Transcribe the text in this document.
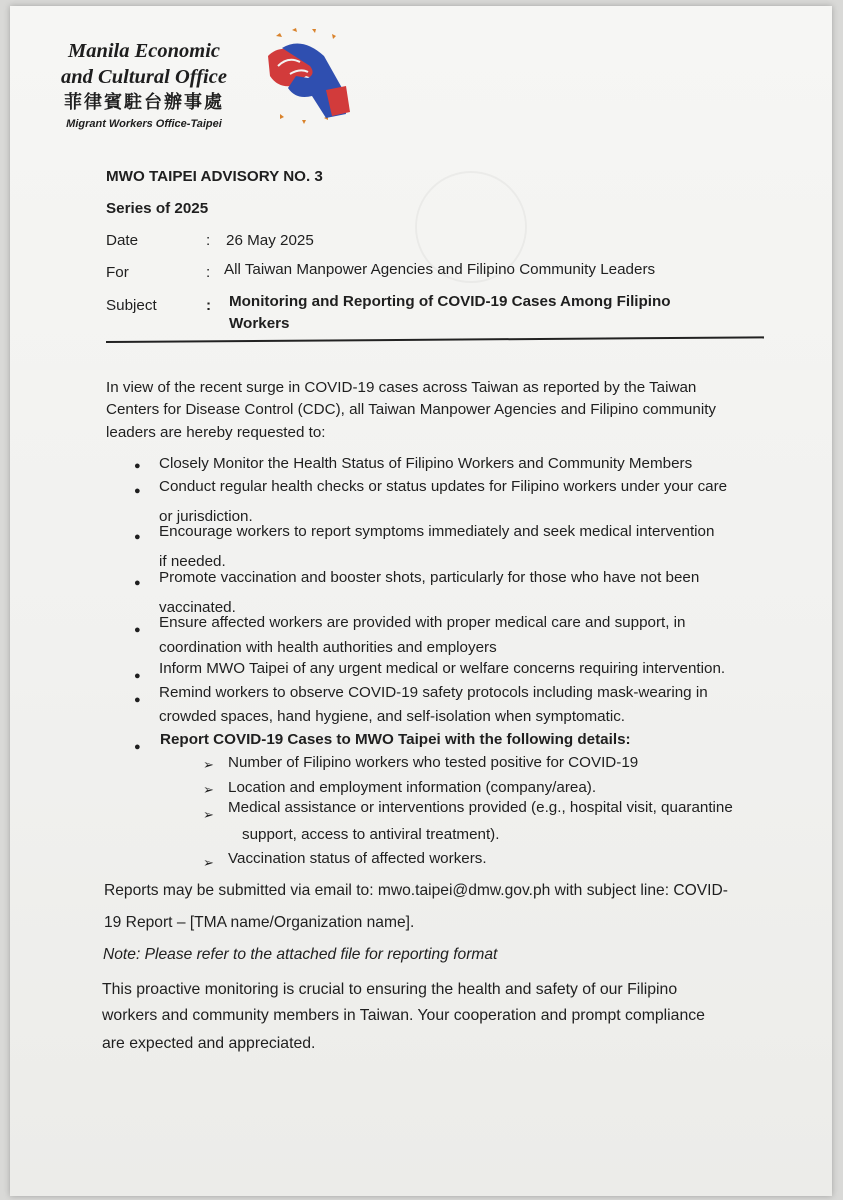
Manila Economic
and Cultural Office
菲律賓駐台辦事處
Migrant Workers Office-Taipei
MWO TAIPEI ADVISORY NO. 3
Series of 2025
Date	: 26 May 2025
For	: All Taiwan Manpower Agencies and Filipino Community Leaders
Subject	: Monitoring and Reporting of COVID-19 Cases Among Filipino
Workers
In view of the recent surge in COVID-19 cases across Taiwan as reported by the Taiwan
Centers for Disease Control (CDC), all Taiwan Manpower Agencies and Filipino community
leaders are hereby requested to:
● Closely Monitor the Health Status of Filipino Workers and Community Members
● Conduct regular health checks or status updates for Filipino workers under your care
or jurisdiction.
● Encourage workers to report symptoms immediately and seek medical intervention
if needed.
● Promote vaccination and booster shots, particularly for those who have not been
vaccinated.
● Ensure affected workers are provided with proper medical care and support, in
coordination with health authorities and employers
● Inform MWO Taipei of any urgent medical or welfare concerns requiring intervention.
● Remind workers to observe COVID-19 safety protocols including mask-wearing in
crowded spaces, hand hygiene, and self-isolation when symptomatic.
● Report COVID-19 Cases to MWO Taipei with the following details:
➢ Number of Filipino workers who tested positive for COVID-19
➢ Location and employment information (company/area).
➢ Medical assistance or interventions provided (e.g., hospital visit, quarantine
support, access to antiviral treatment).
➢ Vaccination status of affected workers.
Reports may be submitted via email to: mwo.taipei@dmw.gov.ph with subject line: COVID-
19 Report – [TMA name/Organization name].
Note: Please refer to the attached file for reporting format
This proactive monitoring is crucial to ensuring the health and safety of our Filipino
workers and community members in Taiwan. Your cooperation and prompt compliance
are expected and appreciated.
